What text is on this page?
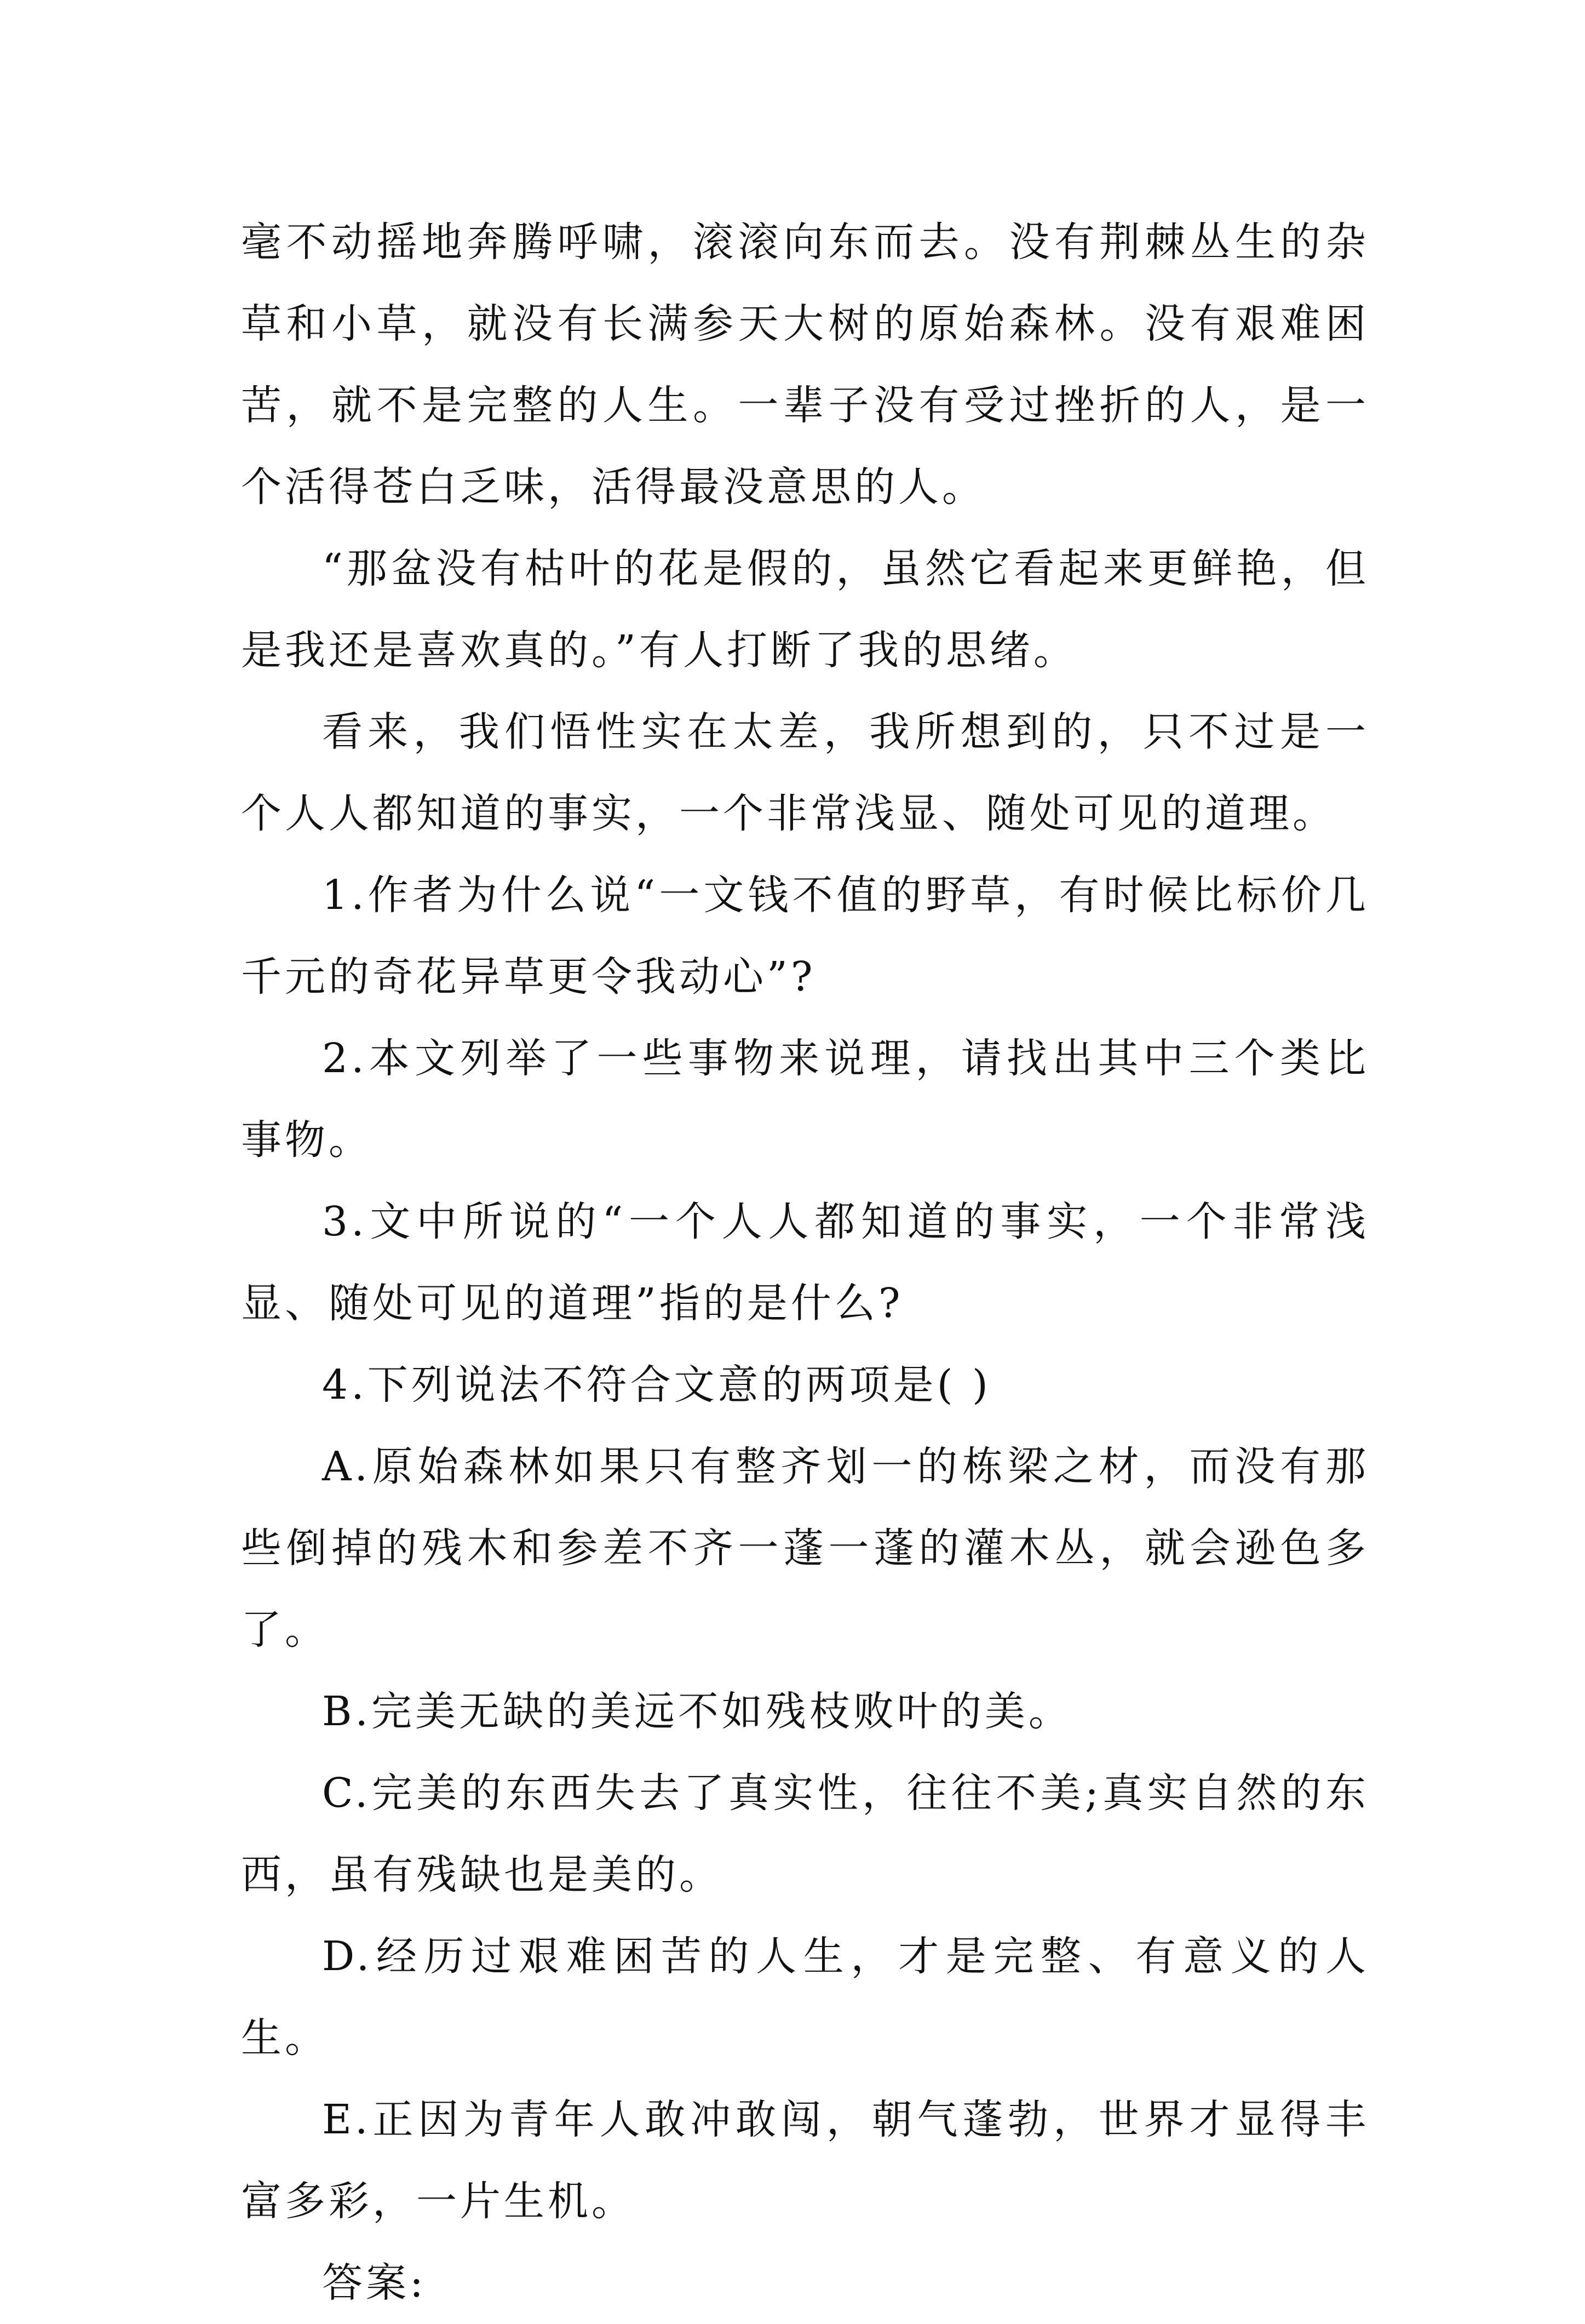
毫不动摇地奔腾呼啸，滚滚向东而去。没有荆棘丛生的杂草和小草，就没有长满参天大树的原始森林。没有艰难困苦，就不是完整的人生。一辈子没有受过挫折的人，是一个活得苍白乏味，活得最没意思的人。

“那盆没有枯叶的花是假的，虽然它看起来更鲜艳，但是我还是喜欢真的。”有人打断了我的思绪。

看来，我们悟性实在太差，我所想到的，只不过是一个人人都知道的事实，一个非常浅显、随处可见的道理。

1.作者为什么说“一文钱不值的野草，有时候比标价几千元的奇花异草更令我动心”?

2.本文列举了一些事物来说理，请找出其中三个类比事物。

3.文中所说的“一个人人都知道的事实，一个非常浅显、随处可见的道理”指的是什么?

4.下列说法不符合文意的两项是( )

A.原始森林如果只有整齐划一的栋梁之材，而没有那些倒掉的残木和参差不齐一蓬一蓬的灌木丛，就会逊色多了。

B.完美无缺的美远不如残枝败叶的美。

C.完美的东西失去了真实性，往往不美;真实自然的东西，虽有残缺也是美的。

D.经历过艰难困苦的人生，才是完整、有意义的人生。

E.正因为青年人敢冲敢闯，朝气蓬勃，世界才显得丰富多彩，一片生机。

答案:
